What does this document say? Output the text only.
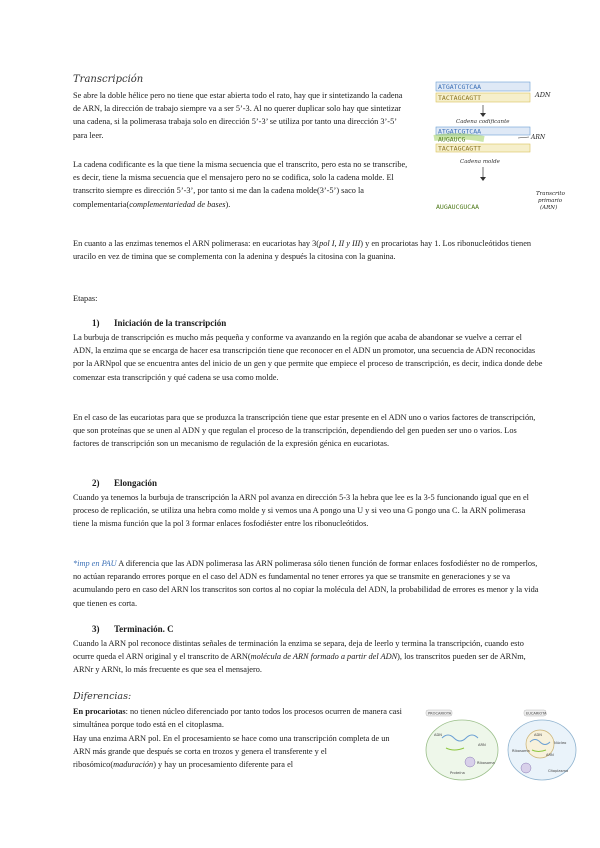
Transcripción

Se abre la doble hélice pero no tiene que estar abierta todo el rato, hay que ir sintetizando la cadena de ARN, la dirección de trabajo siempre va a ser 5’-3. Al no querer duplicar solo hay que sintetizar una cadena, si la polimerasa trabaja solo en dirección 5’-3’ se utiliza por tanto una dirección 3’-5’ para leer.

La cadena codificante es la que tiene la misma secuencia que el transcrito, pero esta no se transcribe, es decir, tiene la misma secuencia que el mensajero pero no se codifica, solo la cadena molde. El transcrito siempre es dirección 5’-3’, por tanto si me dan la cadena molde(3’-5’) saco la complementaria(complementariedad de bases).

ATGATCGTCAA
TACTAGCAGTT	ADN
Cadena codificante
ATGATCGTCAA
AUGAUCG	ARN
TACTAGCAGTT
Cadena molde
AUGAUCGUCAA
Transcrito
primario
(ARN)

En cuanto a las enzimas tenemos el ARN polimerasa: en eucariotas hay 3(pol I, II y III) y en procariotas hay 1. Los ribonucleótidos tienen uracilo en vez de timina que se complementa con la adenina y después la citosina con la guanina.

Etapas:

1) Iniciación de la transcripción

La burbuja de transcripción es mucho más pequeña y conforme va avanzando en la región que acaba de abandonar se vuelve a cerrar el ADN, la enzima que se encarga de hacer esa transcripción tiene que reconocer en el ADN un promotor, una secuencia de ADN reconocidas por la ARNpol que se encuentra antes del inicio de un gen y que permite que empiece el proceso de transcripción, es decir, indica donde debe comenzar esta transcripción y qué cadena se usa como molde.

En el caso de las eucariotas para que se produzca la transcripción tiene que estar presente en el ADN uno o varios factores de transcripción, que son proteínas que se unen al ADN y que regulan el proceso de la transcripción, dependiendo del gen pueden ser uno o varios. Los factores de transcripción son un mecanismo de regulación de la expresión génica en eucariotas.

2) Elongación

Cuando ya tenemos la burbuja de transcripción la ARN pol avanza en dirección 5-3 la hebra que lee es la 3-5 funcionando igual que en el proceso de replicación, se utiliza una hebra como molde y si vemos una A pongo una U y si veo una G pongo una C. la ARN polimerasa tiene la misma función que la pol 3 formar enlaces fosfodiéster entre los ribonucleótidos.

*imp en PAU A diferencia que las ADN polimerasa las ARN polimerasa sólo tienen función de formar enlaces fosfodiéster no de romperlos, no actúan reparando errores porque en el caso del ADN es fundamental no tener errores ya que se transmite en generaciones y se va acumulando pero en caso del ARN los transcritos son cortos al no copiar la molécula del ADN, la probabilidad de errores es menor y la vida que tienen es corta.

3) Terminación. C

Cuando la ARN pol reconoce distintas señales de terminación la enzima se separa, deja de leerlo y termina la transcripción, cuando esto ocurre queda el ARN original y el transcrito de ARN(molécula de ARN formado a partir del ADN), los transcritos pueden ser de ARNm, ARNr y ARNt, lo más frecuente es que sea el mensajero.

Diferencias:

En procariotas: no tienen núcleo diferenciado por tanto todos los procesos ocurren de manera casi simultánea porque todo está en el citoplasma.

Hay una enzima ARN pol. En el procesamiento se hace como una transcripción completa de un ARN más grande que después se corta en trozos y genera el transferente y el ribosómico(maduración) y hay un procesamiento diferente para el

PROCARIOTA	EUCARIOTA
ADN
ARN
Ribosoma
Proteína
ADN
ARN
Ribosoma
Núcleo
Citoplasma
